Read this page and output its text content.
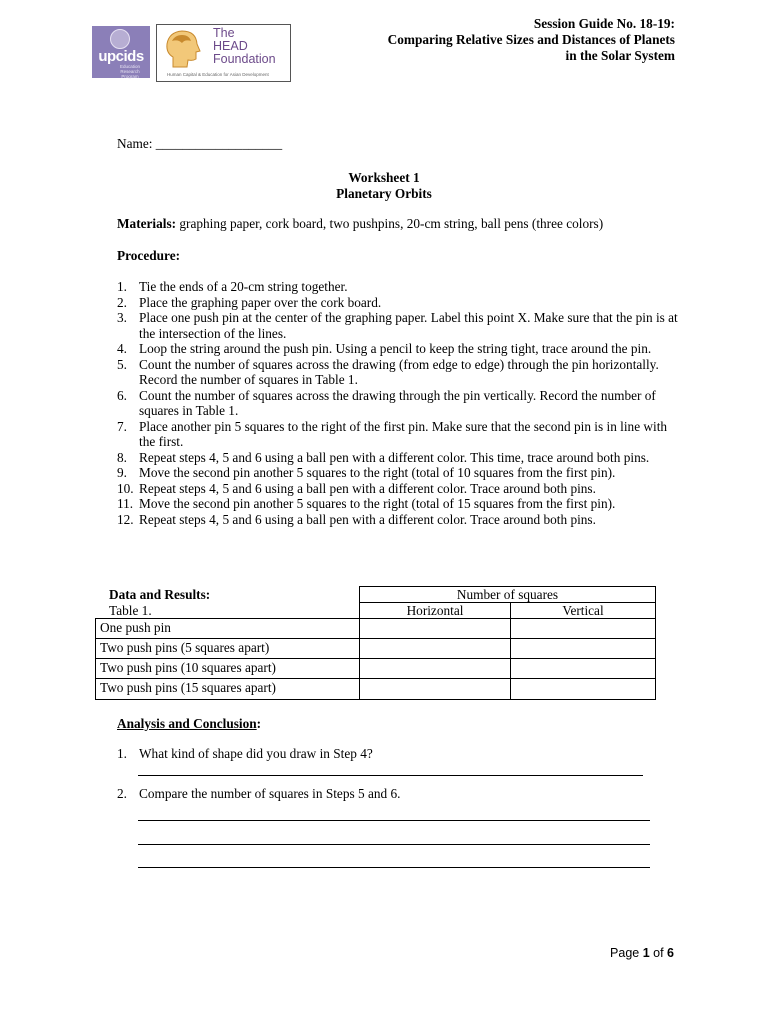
upcids
Education Research Program
The
HEAD
Foundation
Human Capital & Education for Asian Development
Session Guide No. 18-19:
Comparing Relative Sizes and Distances of Planets
in the Solar System
Name: ___________________
Worksheet 1
Planetary Orbits
Materials: graphing paper, cork board, two pushpins, 20-cm string, ball pens (three colors)
Procedure:
1. Tie the ends of a 20-cm string together.
2. Place the graphing paper over the cork board.
3. Place one push pin at the center of the graphing paper. Label this point X. Make sure that the pin is at the intersection of the lines.
4. Loop the string around the push pin. Using a pencil to keep the string tight, trace around the pin.
5. Count the number of squares across the drawing (from edge to edge) through the pin horizontally. Record the number of squares in Table 1.
6. Count the number of squares across the drawing through the pin vertically. Record the number of squares in Table 1.
7. Place another pin 5 squares to the right of the first pin. Make sure that the second pin is in line with the first.
8. Repeat steps 4, 5 and 6 using a ball pen with a different color. This time, trace around both pins.
9. Move the second pin another 5 squares to the right (total of 10 squares from the first pin).
10. Repeat steps 4, 5 and 6 using a ball pen with a different color. Trace around both pins.
11. Move the second pin another 5 squares to the right (total of 15 squares from the first pin).
12. Repeat steps 4, 5 and 6 using a ball pen with a different color. Trace around both pins.
Data and Results:
Table 1.
Number of squares
Horizontal	Vertical
One push pin
Two push pins (5 squares apart)
Two push pins (10 squares apart)
Two push pins (15 squares apart)
Analysis and Conclusion:
1. What kind of shape did you draw in Step 4?
2. Compare the number of squares in Steps 5 and 6.
Page 1 of 6
